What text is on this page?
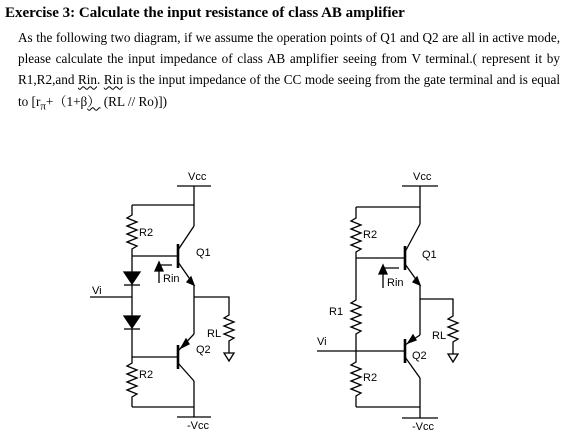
Exercise 3: Calculate the input resistance of class AB amplifier
As the following two diagram, if we assume the operation points of Q1 and Q2 are all in active mode, please calculate the input impedance of class AB amplifier seeing from V terminal.( represent it by R1,R2,and Rin. Rin is the input impedance of the CC mode seeing from the gate terminal and is equal to [$r_\pi+(1+\beta)$ (RL // Ro)])
Vcc
R2
Vi
R2
Q1
Rin
RL
Q2
-Vcc
Vcc
R2
R1
Vi
R2
Q1
Rin
RL
Q2
-Vcc
